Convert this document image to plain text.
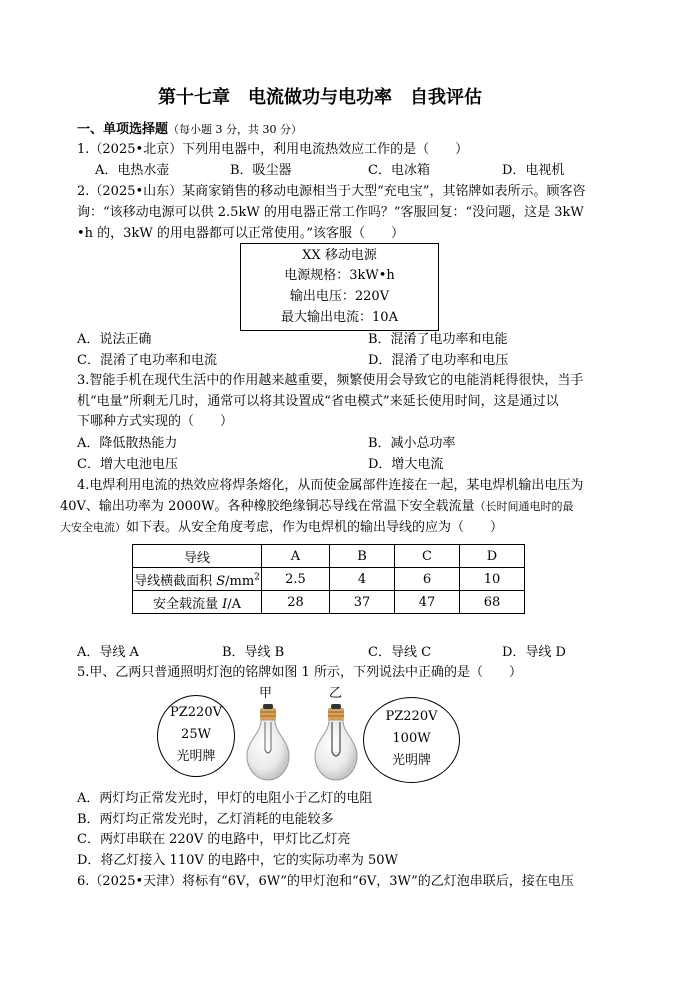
第十七章　电流做功与电功率　自我评估
一、单项选择题（每小题 3 分，共 30 分）
1.（2025•北京）下列用电器中，利用电流热效应工作的是（　　）
A．电热水壶	B．吸尘器	C．电冰箱	D．电视机
2.（2025•山东）某商家销售的移动电源相当于大型“充电宝”，其铭牌如表所示。顾客咨
询：“该移动电源可以供 2.5kW 的用电器正常工作吗？”客服回复：“没问题，这是 3kW
•h 的，3kW 的用电器都可以正常使用。”该客服（　　）
XX 移动电源
电源规格：3kW•h
输出电压：220V
最大输出电流：10A
A．说法正确	B．混淆了电功率和电能
C．混淆了电功率和电流	D．混淆了电功率和电压
3.智能手机在现代生活中的作用越来越重要，频繁使用会导致它的电能消耗得很快，当手
机“电量”所剩无几时，通常可以将其设置成“省电模式”来延长使用时间，这是通过以
下哪种方式实现的（　　）
A．降低散热能力	B．减小总功率
C．增大电池电压	D．增大电流
4.电焊利用电流的热效应将焊条熔化，从而使金属部件连接在一起，某电焊机输出电压为
40V、输出功率为 2000W。各种橡胶绝缘铜芯导线在常温下安全载流量（长时间通电时的最
大安全电流）如下表。从安全角度考虑，作为电焊机的输出导线的应为（　　）
导线	A	B	C	D
导线横截面积 $S/mm^2$	2.5	4	6	10
安全载流量 I/A	28	37	47	68
A．导线 A	B．导线 B	C．导线 C	D．导线 D
5.甲、乙两只普通照明灯泡的铭牌如图 1 所示，下列说法中正确的是（　　）
PZ220V
25W
光明牌
甲	乙
PZ220V
100W
光明牌
A．两灯均正常发光时，甲灯的电阻小于乙灯的电阻
B．两灯均正常发光时，乙灯消耗的电能较多
C．两灯串联在 220V 的电路中，甲灯比乙灯亮
D．将乙灯接入 110V 的电路中，它的实际功率为 50W
6.（2025•天津）将标有“6V，6W”的甲灯泡和“6V，3W”的乙灯泡串联后，接在电压
